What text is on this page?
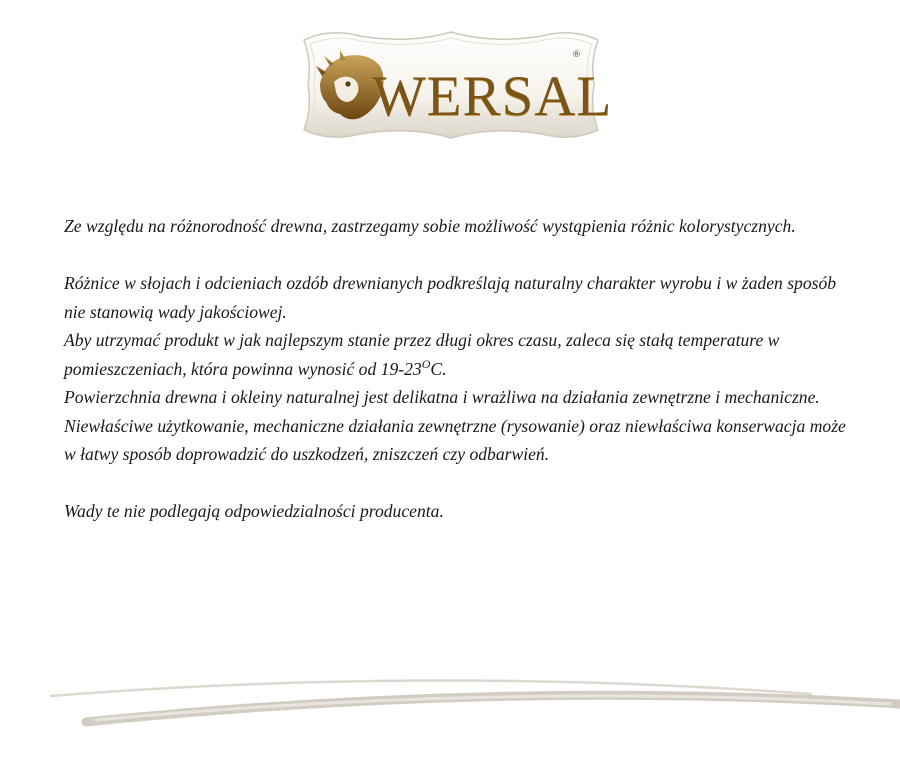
WERSAL
®

Ze względu na różnorodność drewna, zastrzegamy sobie możliwość wystąpienia różnic kolorystycznych.

Różnice w słojach i odcieniach ozdób drewnianych podkreślają naturalny charakter wyrobu i w żaden sposób nie stanowią wady jakościowej.

Aby utrzymać produkt w jak najlepszym stanie przez długi okres czasu, zaleca się stałą temperature w pomieszczeniach, która powinna wynosić od $19-23^OC$.

Powierzchnia drewna i okleiny naturalnej jest delikatna i wrażliwa na działania zewnętrzne i mechaniczne. Niewłaściwe użytkowanie, mechaniczne działania zewnętrzne (rysowanie) oraz niewłaściwa konserwacja może w łatwy sposób doprowadzić do uszkodzeń, zniszczeń czy odbarwień.

Wady te nie podlegają odpowiedzialności producenta.
